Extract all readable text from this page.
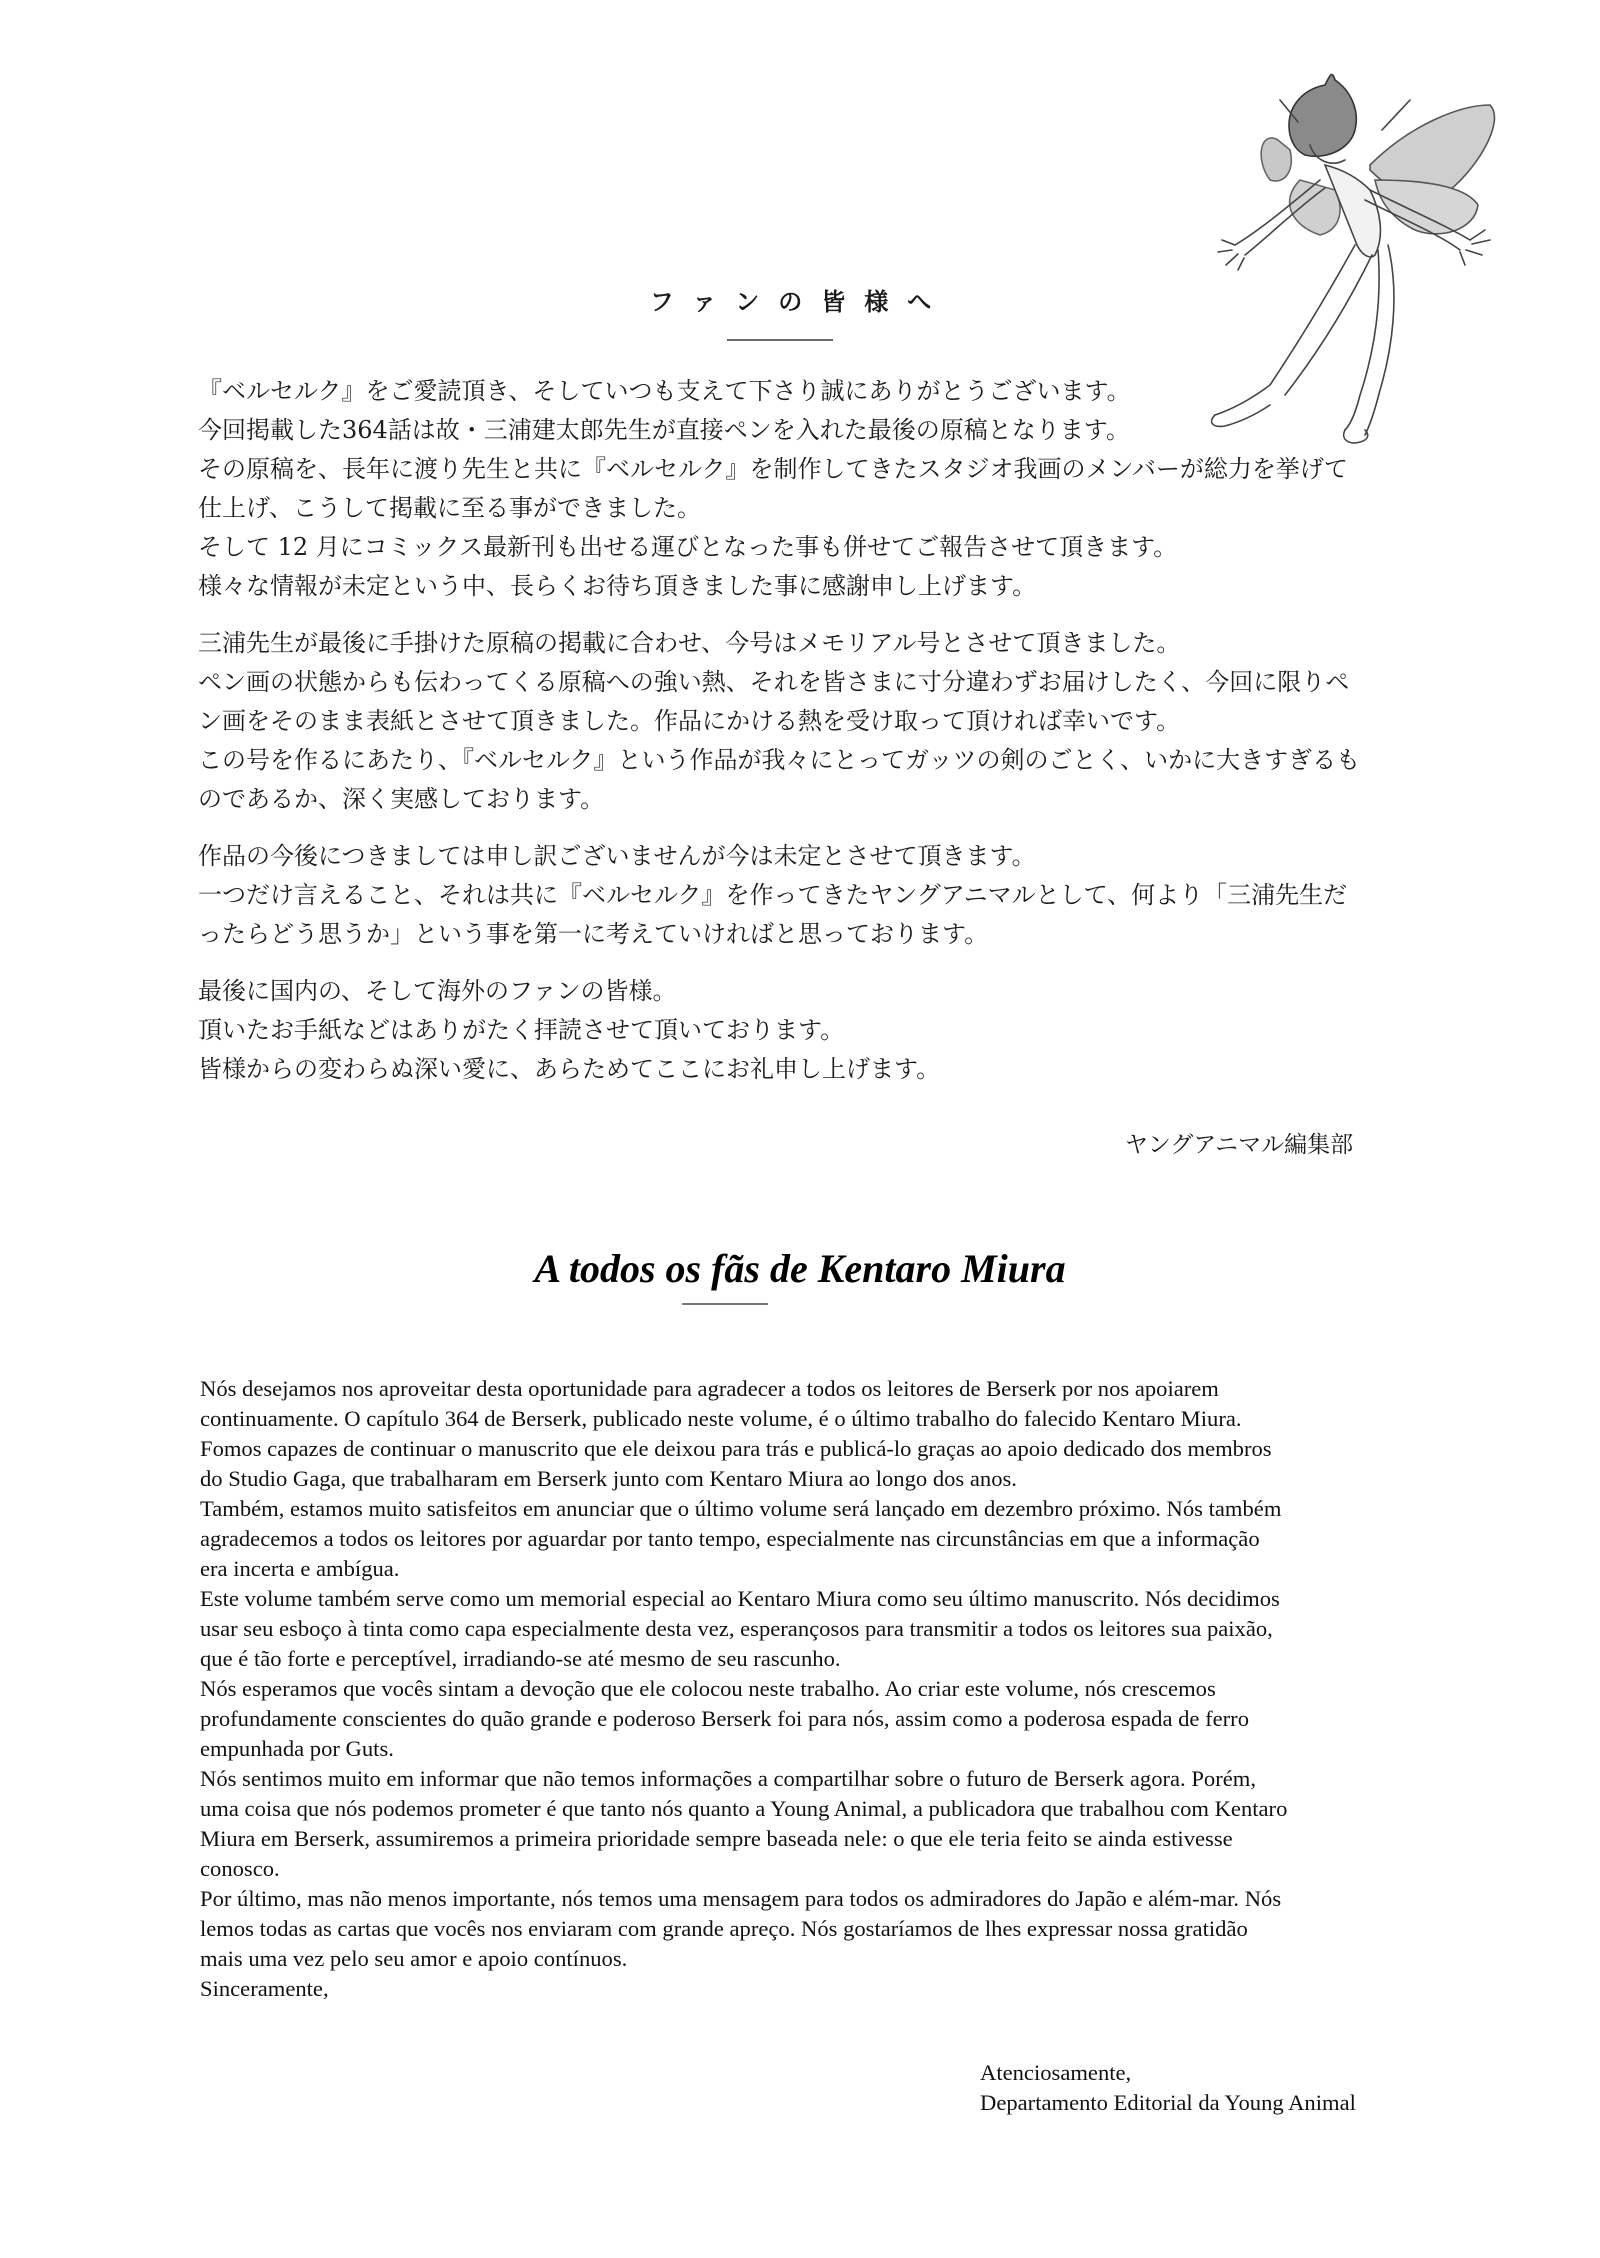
ファンの皆様へ
『ベルセルク』をご愛読頂き、そしていつも支えて下さり誠にありがとうございます。
今回掲載した364話は故・三浦建太郎先生が直接ペンを入れた最後の原稿となります。
その原稿を、長年に渡り先生と共に『ベルセルク』を制作してきたスタジオ我画のメンバーが総力を挙げて
仕上げ、こうして掲載に至る事ができました。
そして 12 月にコミックス最新刊も出せる運びとなった事も併せてご報告させて頂きます。
様々な情報が未定という中、長らくお待ち頂きました事に感謝申し上げます。
三浦先生が最後に手掛けた原稿の掲載に合わせ、今号はメモリアル号とさせて頂きました。
ペン画の状態からも伝わってくる原稿への強い熱、それを皆さまに寸分違わずお届けしたく、今回に限りペ
ン画をそのまま表紙とさせて頂きました。作品にかける熱を受け取って頂ければ幸いです。
この号を作るにあたり、『ベルセルク』という作品が我々にとってガッツの剣のごとく、いかに大きすぎるも
のであるか、深く実感しております。
作品の今後につきましては申し訳ございませんが今は未定とさせて頂きます。
一つだけ言えること、それは共に『ベルセルク』を作ってきたヤングアニマルとして、何より「三浦先生だ
ったらどう思うか」という事を第一に考えていければと思っております。
最後に国内の、そして海外のファンの皆様。
頂いたお手紙などはありがたく拝読させて頂いております。
皆様からの変わらぬ深い愛に、あらためてここにお礼申し上げます。
ヤングアニマル編集部
A todos os fãs de Kentaro Miura
Nós desejamos nos aproveitar desta oportunidade para agradecer a todos os leitores de Berserk por nos apoiarem
continuamente. O capítulo 364 de Berserk, publicado neste volume, é o último trabalho do falecido Kentaro Miura.
Fomos capazes de continuar o manuscrito que ele deixou para trás e publicá-lo graças ao apoio dedicado dos membros
do Studio Gaga, que trabalharam em Berserk junto com Kentaro Miura ao longo dos anos.
Também, estamos muito satisfeitos em anunciar que o último volume será lançado em dezembro próximo. Nós também
agradecemos a todos os leitores por aguardar por tanto tempo, especialmente nas circunstâncias em que a informação
era incerta e ambígua.
Este volume também serve como um memorial especial ao Kentaro Miura como seu último manuscrito. Nós decidimos
usar seu esboço à tinta como capa especialmente desta vez, esperançosos para transmitir a todos os leitores sua paixão,
que é tão forte e perceptível, irradiando-se até mesmo de seu rascunho.
Nós esperamos que vocês sintam a devoção que ele colocou neste trabalho. Ao criar este volume, nós crescemos
profundamente conscientes do quão grande e poderoso Berserk foi para nós, assim como a poderosa espada de ferro
empunhada por Guts.
Nós sentimos muito em informar que não temos informações a compartilhar sobre o futuro de Berserk agora. Porém,
uma coisa que nós podemos prometer é que tanto nós quanto a Young Animal, a publicadora que trabalhou com Kentaro
Miura em Berserk, assumiremos a primeira prioridade sempre baseada nele: o que ele teria feito se ainda estivesse
conosco.
Por último, mas não menos importante, nós temos uma mensagem para todos os admiradores do Japão e além-mar. Nós
lemos todas as cartas que vocês nos enviaram com grande apreço. Nós gostaríamos de lhes expressar nossa gratidão
mais uma vez pelo seu amor e apoio contínuos.
Sinceramente,
Atenciosamente,
Departamento Editorial da Young Animal
